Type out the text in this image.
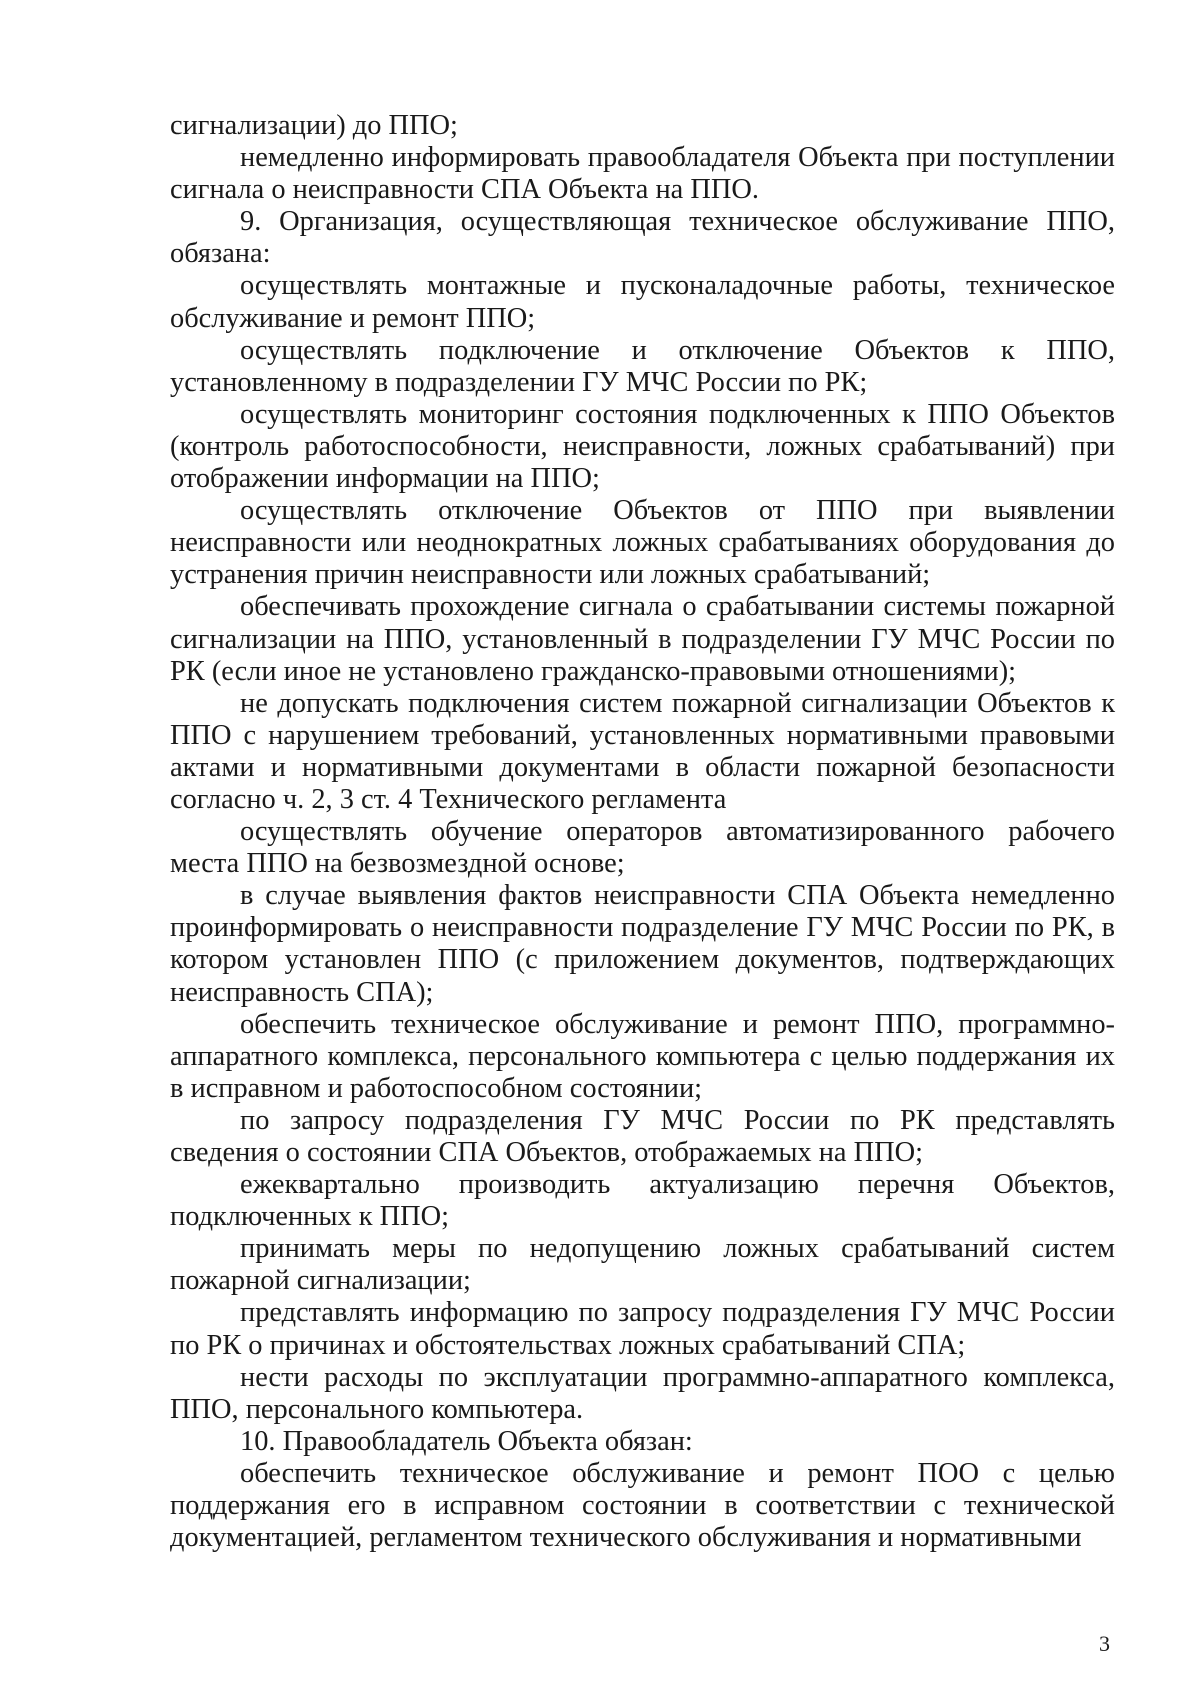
сигнализации) до ППО;

немедленно информировать правообладателя Объекта при поступлении сигнала о неисправности СПА Объекта на ППО.

9. Организация, осуществляющая техническое обслуживание ППО, обязана:

осуществлять монтажные и пусконаладочные работы, техническое обслуживание и ремонт ППО;

осуществлять подключение и отключение Объектов к ППО, установленному в подразделении ГУ МЧС России по РК;

осуществлять мониторинг состояния подключенных к ППО Объектов (контроль работоспособности, неисправности, ложных срабатываний) при отображении информации на ППО;

осуществлять отключение Объектов от ППО при выявлении неисправности или неоднократных ложных срабатываниях оборудования до устранения причин неисправности или ложных срабатываний;

обеспечивать прохождение сигнала о срабатывании системы пожарной сигнализации на ППО, установленный в подразделении ГУ МЧС России по РК (если иное не установлено гражданско-правовыми отношениями);

не допускать подключения систем пожарной сигнализации Объектов к ППО с нарушением требований, установленных нормативными правовыми актами и нормативными документами в области пожарной безопасности согласно ч. 2, 3 ст. 4 Технического регламента

осуществлять обучение операторов автоматизированного рабочего места ППО на безвозмездной основе;

в случае выявления фактов неисправности СПА Объекта немедленно проинформировать о неисправности подразделение ГУ МЧС России по РК, в котором установлен ППО (с приложением документов, подтверждающих неисправность СПА);

обеспечить техническое обслуживание и ремонт ППО, программно-аппаратного комплекса, персонального компьютера с целью поддержания их в исправном и работоспособном состоянии;

по запросу подразделения ГУ МЧС России по РК представлять сведения о состоянии СПА Объектов, отображаемых на ППО;

ежеквартально производить актуализацию перечня Объектов, подключенных к ППО;

принимать меры по недопущению ложных срабатываний систем пожарной сигнализации;

представлять информацию по запросу подразделения ГУ МЧС России по РК о причинах и обстоятельствах ложных срабатываний СПА;

нести расходы по эксплуатации программно-аппаратного комплекса, ППО, персонального компьютера.

10. Правообладатель Объекта обязан:

обеспечить техническое обслуживание и ремонт ПОО с целью поддержания его в исправном состоянии в соответствии с технической документацией, регламентом технического обслуживания и нормативными

3
